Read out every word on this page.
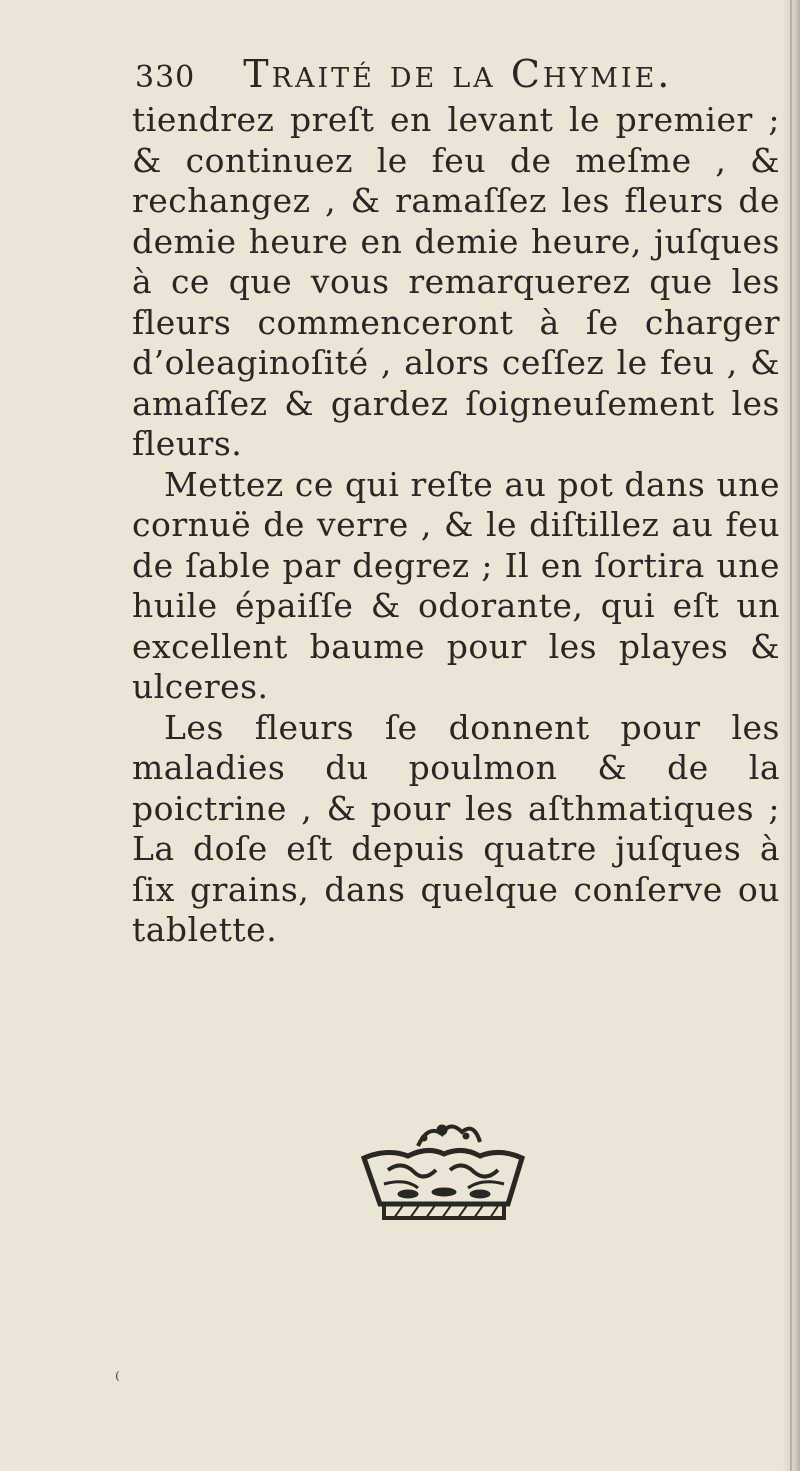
330 Traité de la Chymie.

tiendrez preſt en levant le premier ; & continuez le feu de meſme , & rechangez , & ramaſſez les fleurs de demie heure en demie heure, juſques à ce que vous remarquerez que les fleurs commenceront à ſe charger d’oleaginoſité , alors ceſſez le feu , & amaſſez & gardez ſoigneuſement les fleurs.

Mettez ce qui reſte au pot dans une cornuë de verre , & le diſtillez au feu de ſable par degrez ; Il en ſortira une huile épaiſſe & odorante, qui eſt un excellent baume pour les playes & ulceres.

Les fleurs ſe donnent pour les maladies du poulmon & de la poictrine , & pour les aſthmatiques ; La doſe eſt depuis quatre juſques à ſix grains, dans quelque conſerve ou tablette.

⁽
